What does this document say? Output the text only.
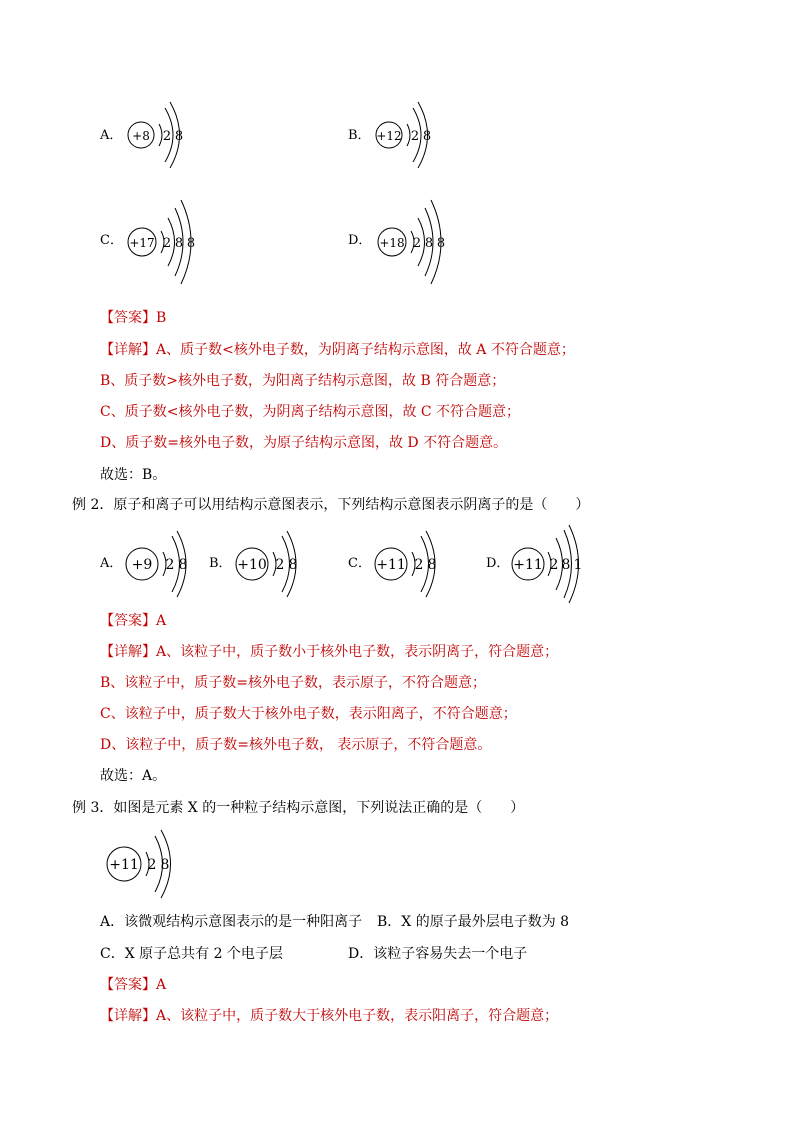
A． +8 2 8	B． +12 2 8
C． +17 2 8 8	D． +18 2 8 8
【答案】B
【详解】A、质子数<核外电子数，为阴离子结构示意图，故 A 不符合题意；
B、质子数>核外电子数，为阳离子结构示意图，故 B 符合题意；
C、质子数<核外电子数，为阴离子结构示意图，故 C 不符合题意；
D、质子数=核外电子数，为原子结构示意图，故 D 不符合题意。
故选：B。
例 2．原子和离子可以用结构示意图表示，下列结构示意图表示阴离子的是（　　）
A． +9 2 8 B． +10 2 8	C． +11 2 8	D． +11 2 8 1
【答案】A
【详解】A、该粒子中，质子数小于核外电子数，表示阴离子，符合题意；
B、该粒子中，质子数=核外电子数，表示原子，不符合题意；
C、该粒子中，质子数大于核外电子数，表示阳离子，不符合题意；
D、该粒子中，质子数=核外电子数， 表示原子，不符合题意。
故选：A。
例 3．如图是元素 X 的一种粒子结构示意图，下列说法正确的是（　　）
+11 2 8
A．该微观结构示意图表示的是一种阳离子 B．X 的原子最外层电子数为 8
C．X 原子总共有 2 个电子层	D．该粒子容易失去一个电子
【答案】A
【详解】A、该粒子中，质子数大于核外电子数，表示阳离子，符合题意；
